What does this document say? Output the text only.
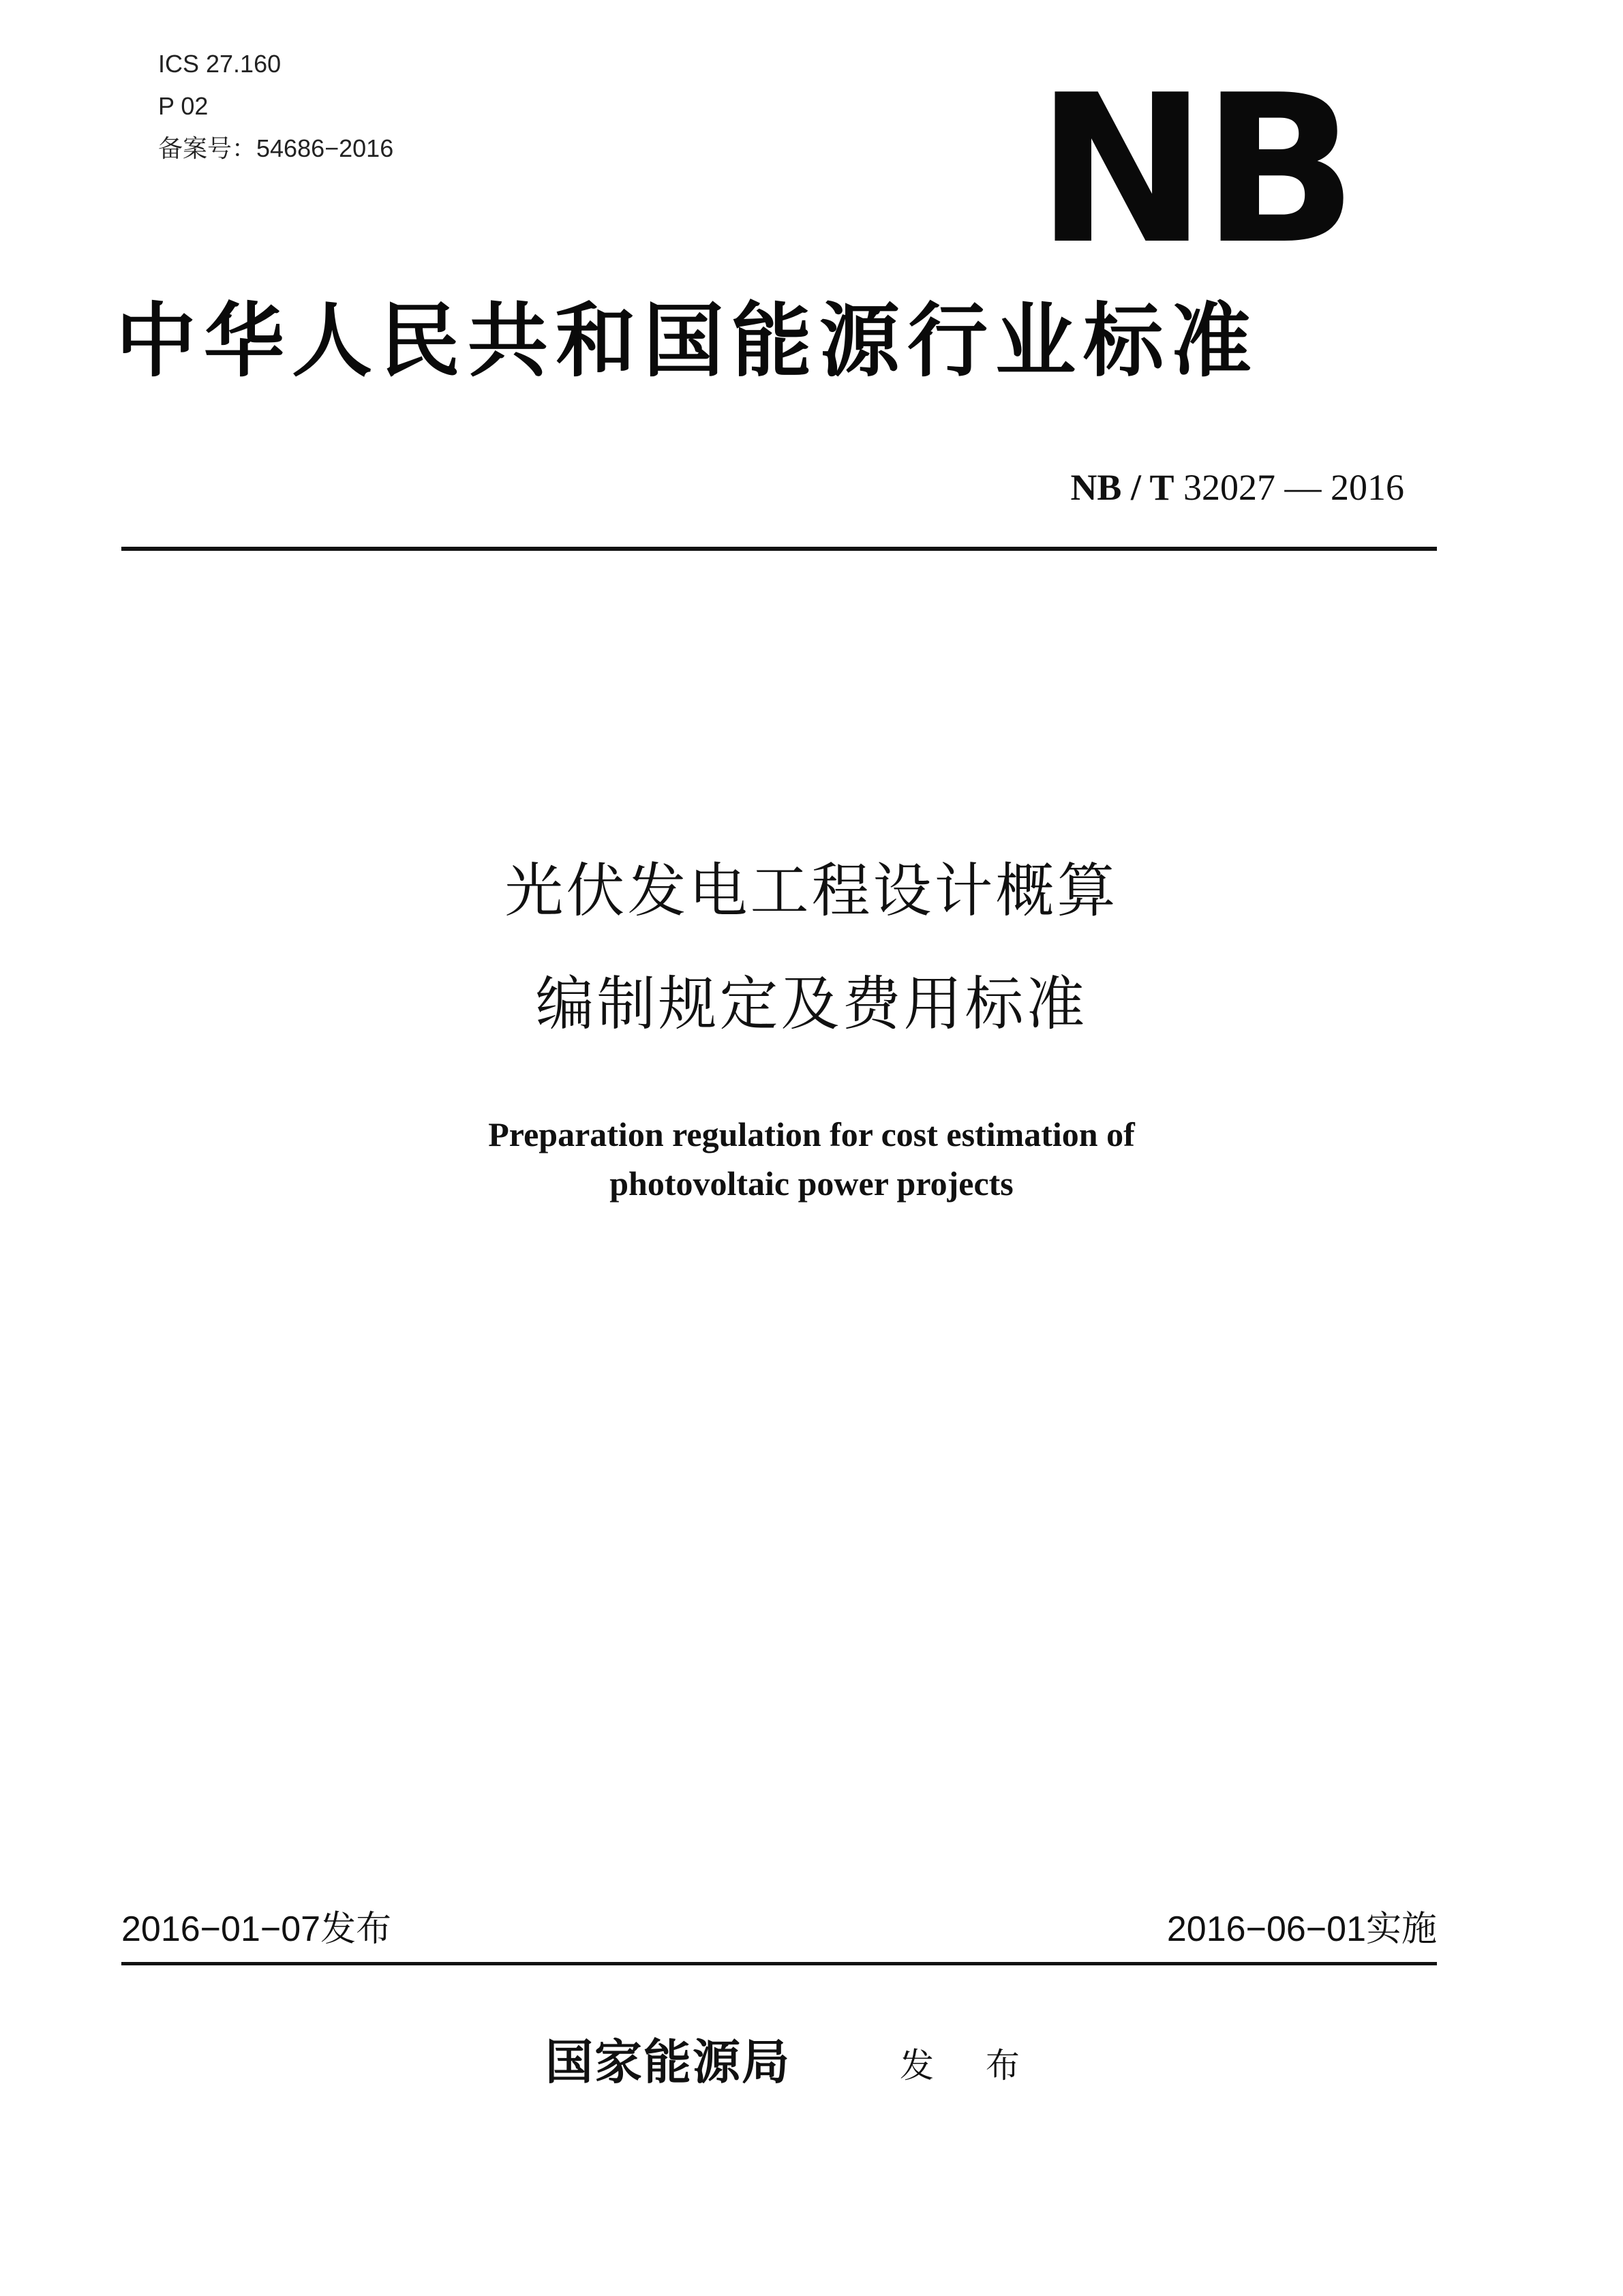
ICS 27.160
P 02
备案号：54686−2016	NB
中华人民共和国能源行业标准
NB / T 32027 — 2016
光伏发电工程设计概算
编制规定及费用标准
Preparation regulation for cost estimation of
photovoltaic power projects
2016−01−07发布	2016−06−01实施
国家能源局	发 布
